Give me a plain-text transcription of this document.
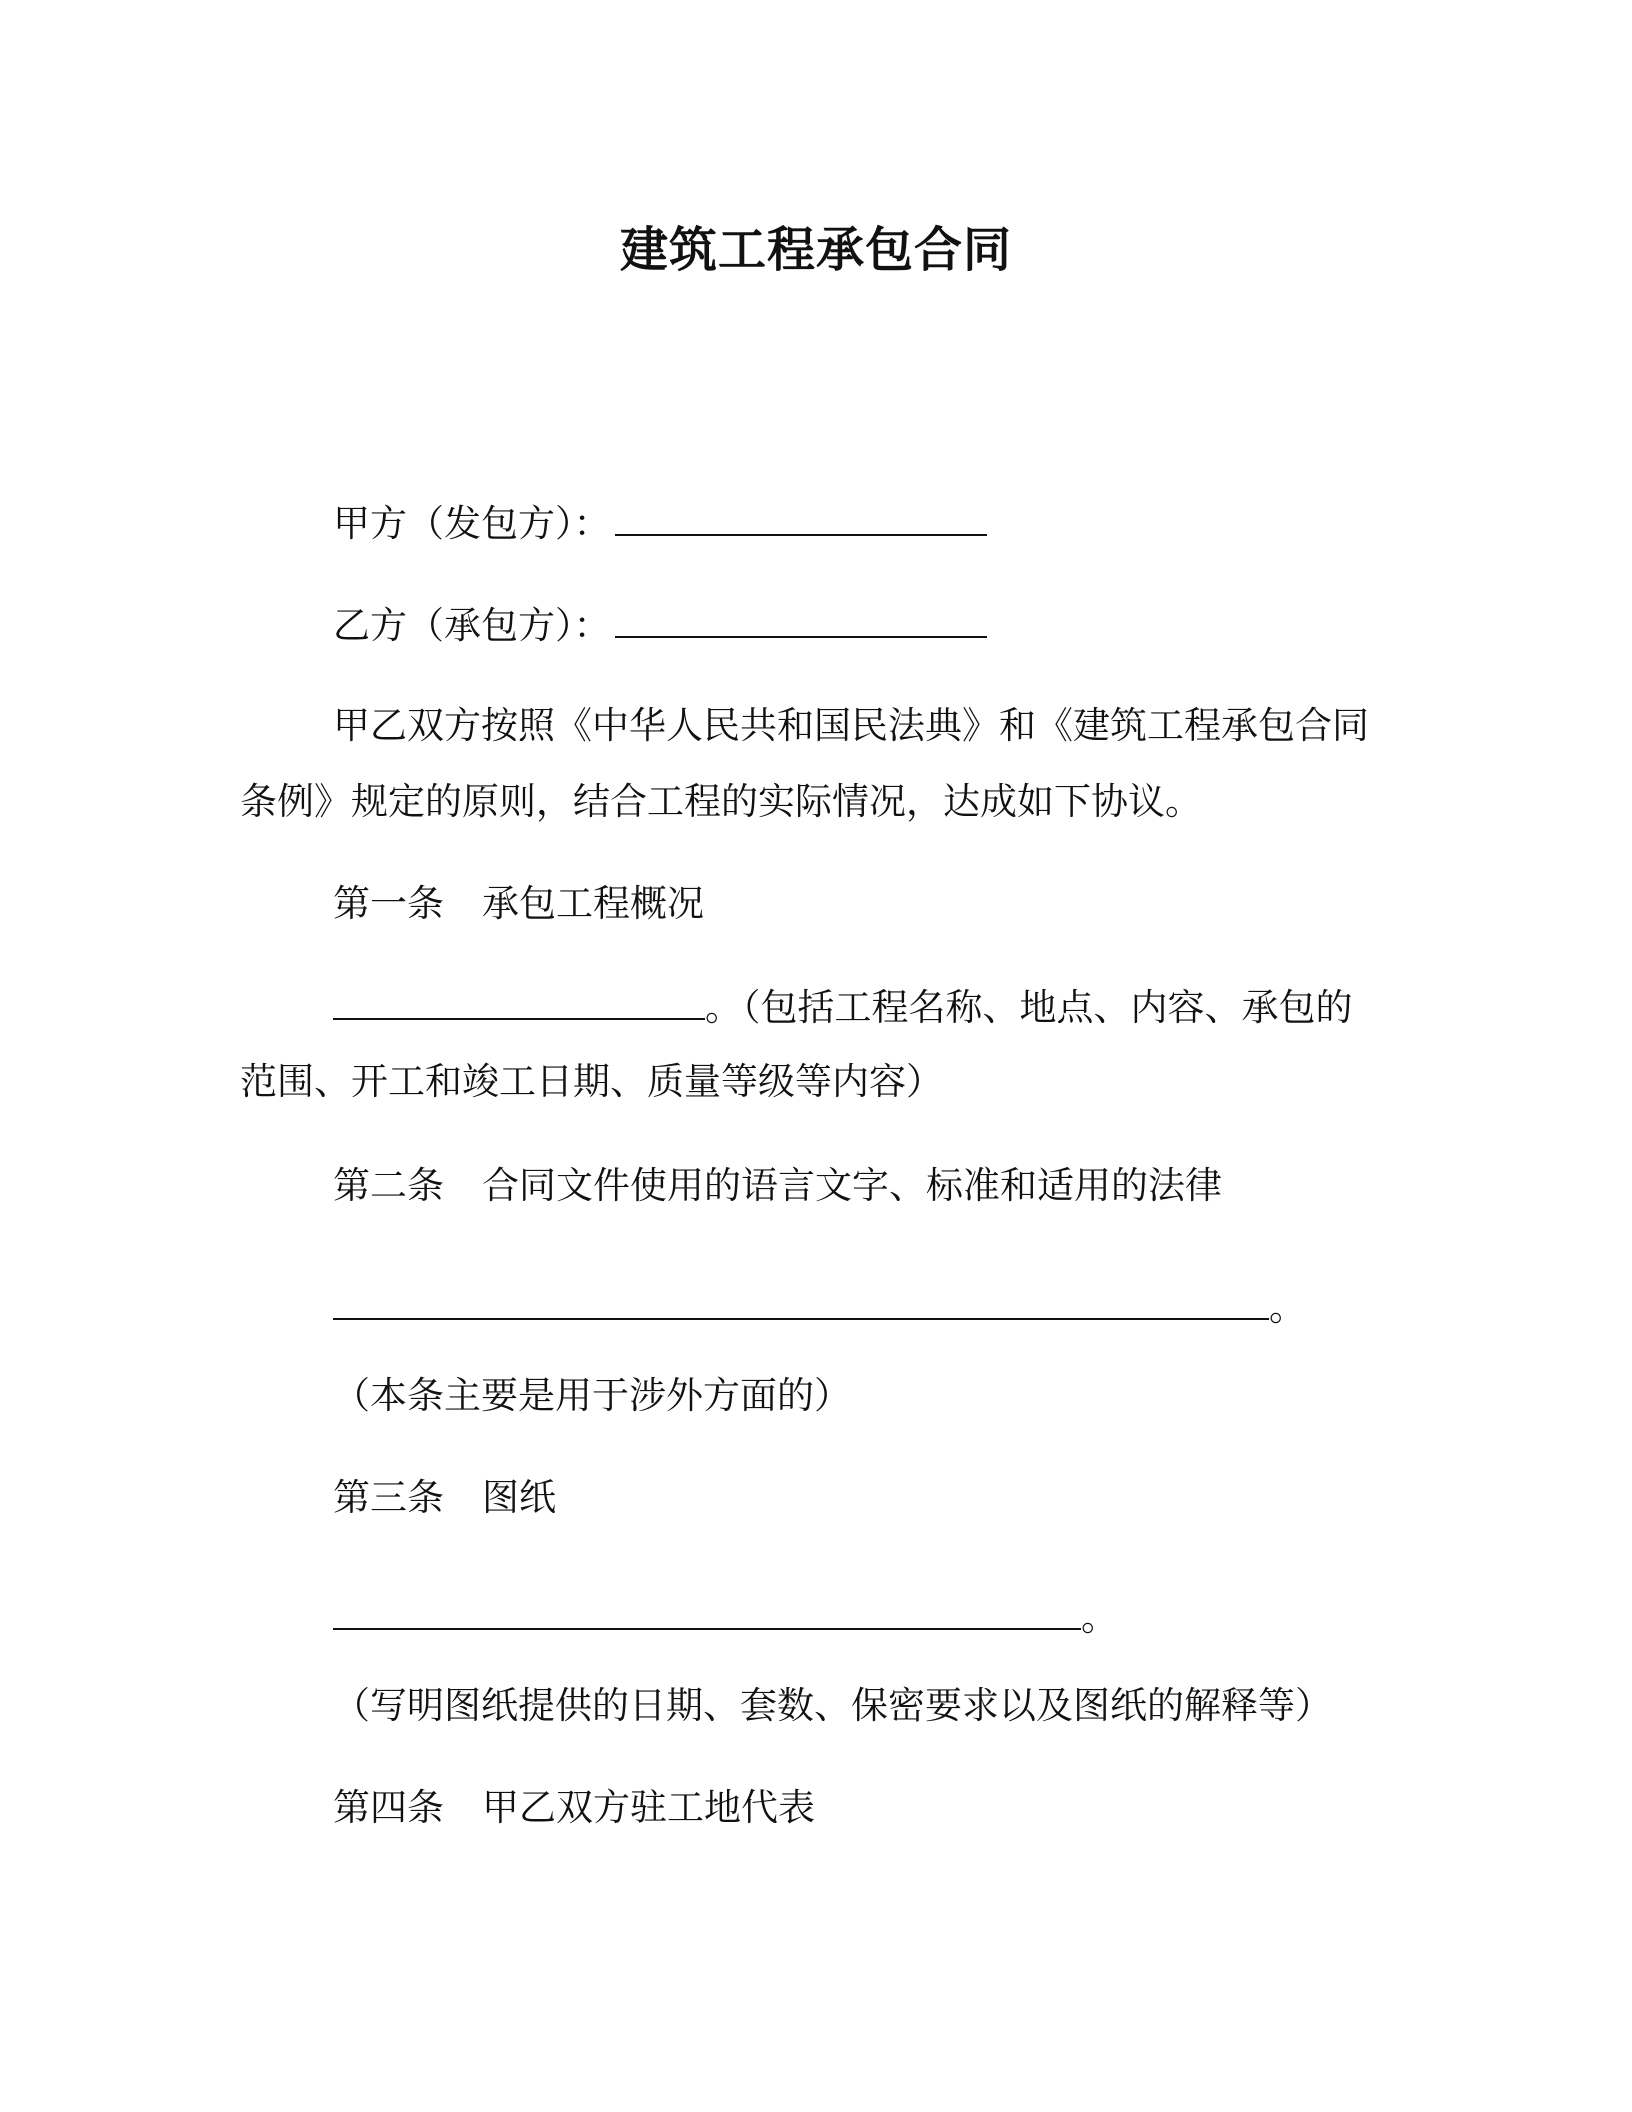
建筑工程承包合同
甲方（发包方）：
乙方（承包方）：
甲乙双方按照《中华人民共和国民法典》和《建筑工程承包合同
条例》规定的原则，结合工程的实际情况，达成如下协议。
第一条 承包工程概况
。（包括工程名称、地点、内容、承包的
范围、开工和竣工日期、质量等级等内容）
第二条 合同文件使用的语言文字、标准和适用的法律
。
（本条主要是用于涉外方面的）
第三条 图纸
。
（写明图纸提供的日期、套数、保密要求以及图纸的解释等）
第四条 甲乙双方驻工地代表
